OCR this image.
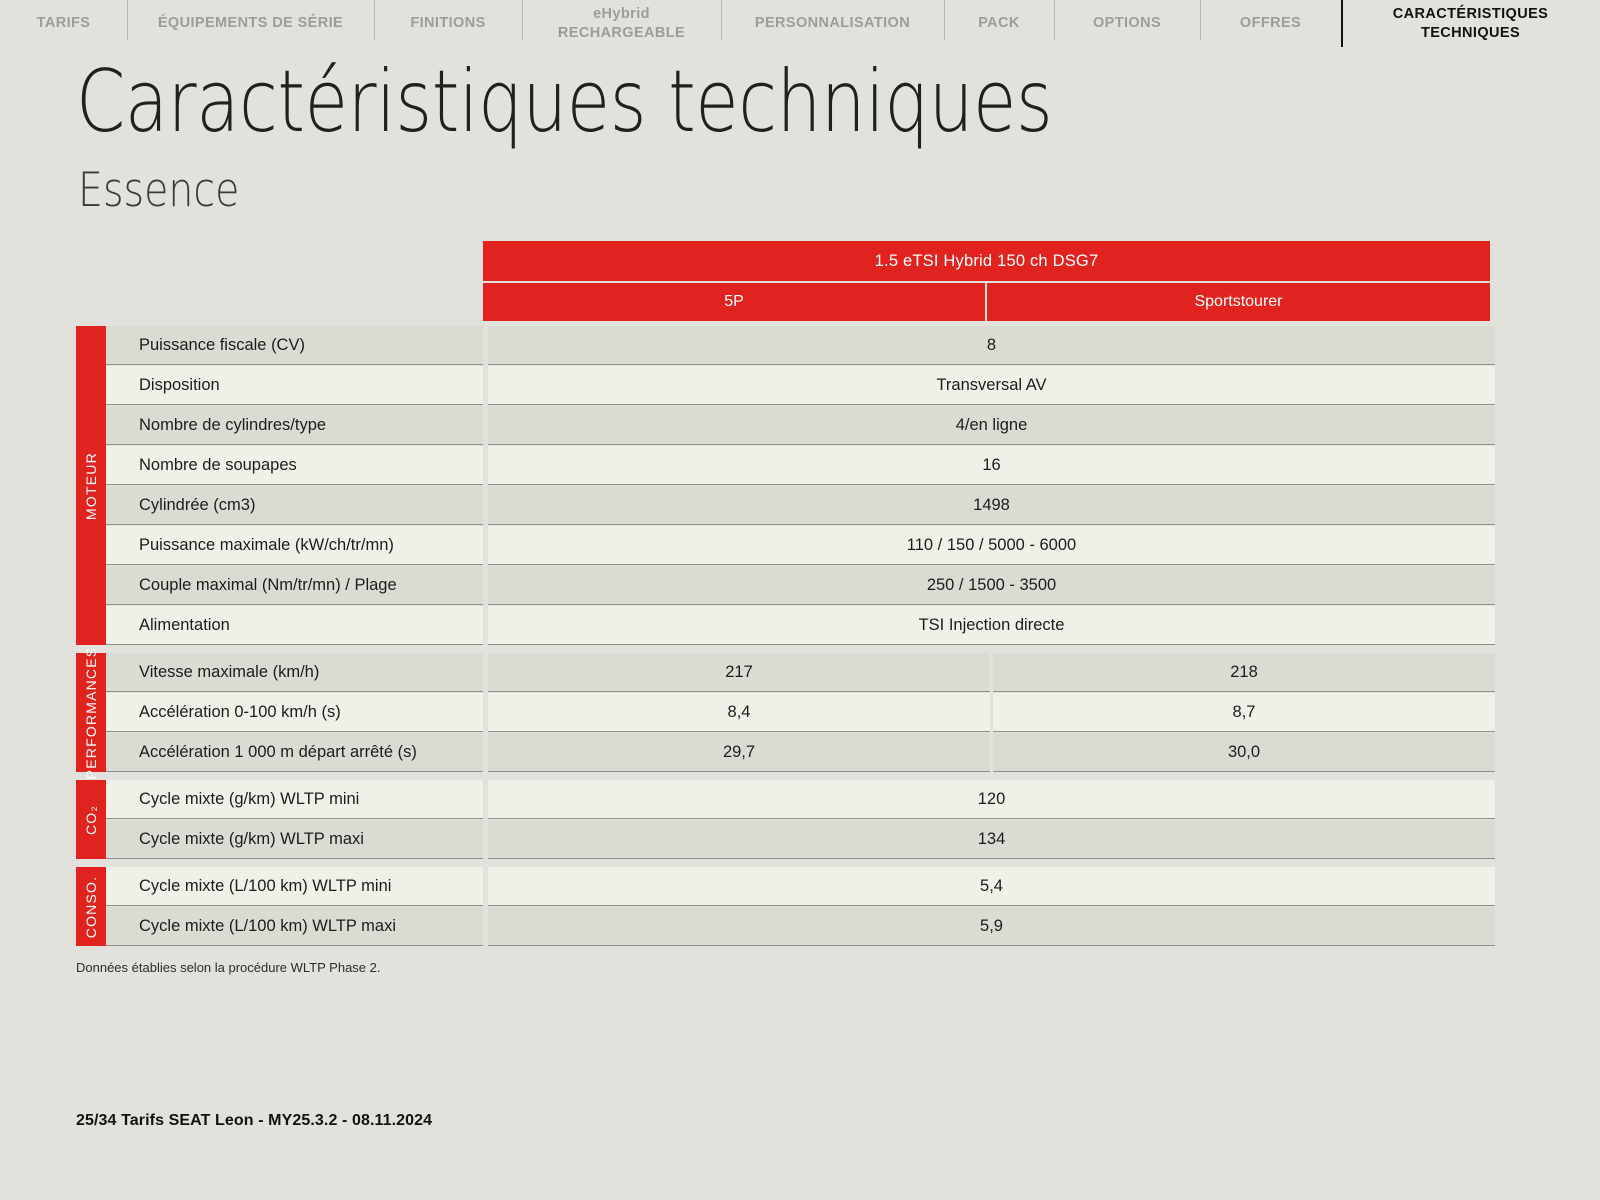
TARIFS	ÉQUIPEMENTS DE SÉRIE	FINITIONS
eHybrid
RECHARGEABLE
PERSONNALISATION	PACK	OPTIONS	OFFRES
CARACTÉRISTIQUES
TECHNIQUES
Caractéristiques techniques
Essence
1.5 eTSI Hybrid 150 ch DSG7
5P	Sportstourer
MOTEUR
Puissance fiscale (CV)	8
Disposition	Transversal AV
Nombre de cylindres/type	4/en ligne
Nombre de soupapes	16
Cylindrée (cm3)	1498
Puissance maximale (kW/ch/tr/mn)	110 / 150 / 5000 - 6000
Couple maximal (Nm/tr/mn) / Plage	250 / 1500 - 3500
Alimentation	TSI Injection directe
PERFORMANCES	Vitesse maximale (km/h)	217	218
Accélération 0-100 km/h (s)	8,4	8,7
Accélération 1 000 m départ arrêté (s)	29,7	30,0
CO₂
Cycle mixte (g/km) WLTP mini	120
Cycle mixte (g/km) WLTP maxi	134
CONSO.	Cycle mixte (L/100 km) WLTP mini	5,4
Cycle mixte (L/100 km) WLTP maxi	5,9
Données établies selon la procédure WLTP Phase 2.
25/34 Tarifs SEAT Leon - MY25.3.2 - 08.11.2024
